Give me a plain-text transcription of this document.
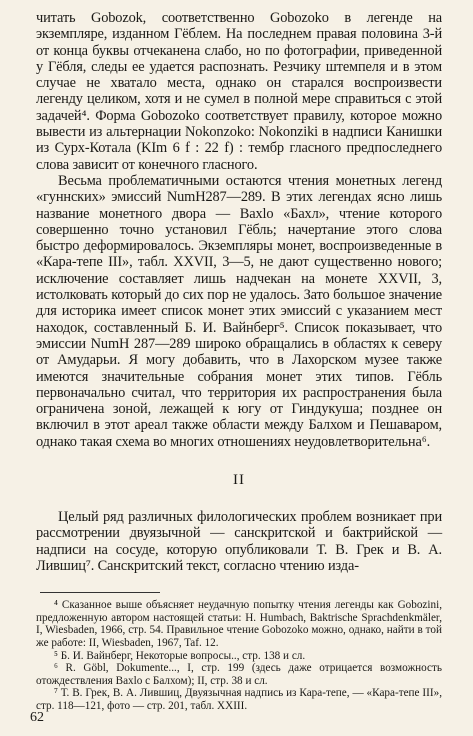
читать Gobozok, соответственно Gobozoko в легенде на экземпляре, изданном Гёблем. На последнем правая половина 3-й от конца буквы отчеканена слабо, но по фотографии, приведенной у Гёбля, следы ее удается распознать. Резчику штемпеля и в этом случае не хватало места, однако он старался воспроизвести легенду целиком, хотя и не сумел в полной мере справиться с этой задачей⁴. Форма Gobozoko соответствует правилу, которое можно вывести из альтернации Nokonzoko: Nokonziki в надписи Канишки из Сурх-Котала (KIm 6 f : 22 f) : тембр гласного предпоследнего слова зависит от конечного гласного.

Весьма проблематичными остаются чтения монетных легенд «гуннских» эмиссий NumH287—289. В этих легендах ясно лишь название монетного двора — Baxlo «Бахл», чтение которого совершенно точно установил Гёбль; начертание этого слова быстро деформировалось. Экземпляры монет, воспроизведенные в «Кара-тепе III», табл. XXVII, 3—5, не дают существенно нового; исключение составляет лишь надчекан на монете XXVII, 3, истолковать который до сих пор не удалось. Зато большое значение для историка имеет список монет этих эмиссий с указанием мест находок, составленный Б. И. Вайнберг⁵. Список показывает, что эмиссии NumH 287—289 широко обращались в областях к северу от Амударьи. Я могу добавить, что в Лахорском музее также имеются значительные собрания монет этих типов. Гёбль первоначально считал, что территория их распространения была ограничена зоной, лежащей к югу от Гиндукуша; позднее он включил в этот ареал также области между Балхом и Пешаваром, однако такая схема во многих отношениях неудовлетворительна⁶.

II

Целый ряд различных филологических проблем возникает при рассмотрении двуязычной — санскритской и бактрийской — надписи на сосуде, которую опубликовали Т. В. Грек и В. А. Лившиц⁷. Санскритский текст, согласно чтению изда-

⁴ Сказанное выше объясняет неудачную попытку чтения легенды как Gobozini, предложенную автором настоящей статьи: H. Humbach, Baktrische Sprachdenkmäler, I, Wiesbaden, 1966, стр. 54. Правильное чтение Gobozoko можно, однако, найти в той же работе: II, Wiesbaden, 1967, Taf. 12.

⁵ Б. И. Вайнберг, Некоторые вопросы.., стр. 138 и сл.

⁶ R. Göbl, Dokumente..., I, стр. 199 (здесь даже отрицается возможность отождествления Baxlo с Балхом); II, стр. 38 и сл.

⁷ Т. В. Грек, В. А. Лившиц, Двуязычная надпись из Кара-тепе, — «Кара-тепе III», стр. 118—121, фото — стр. 201, табл. XXIII.

62
